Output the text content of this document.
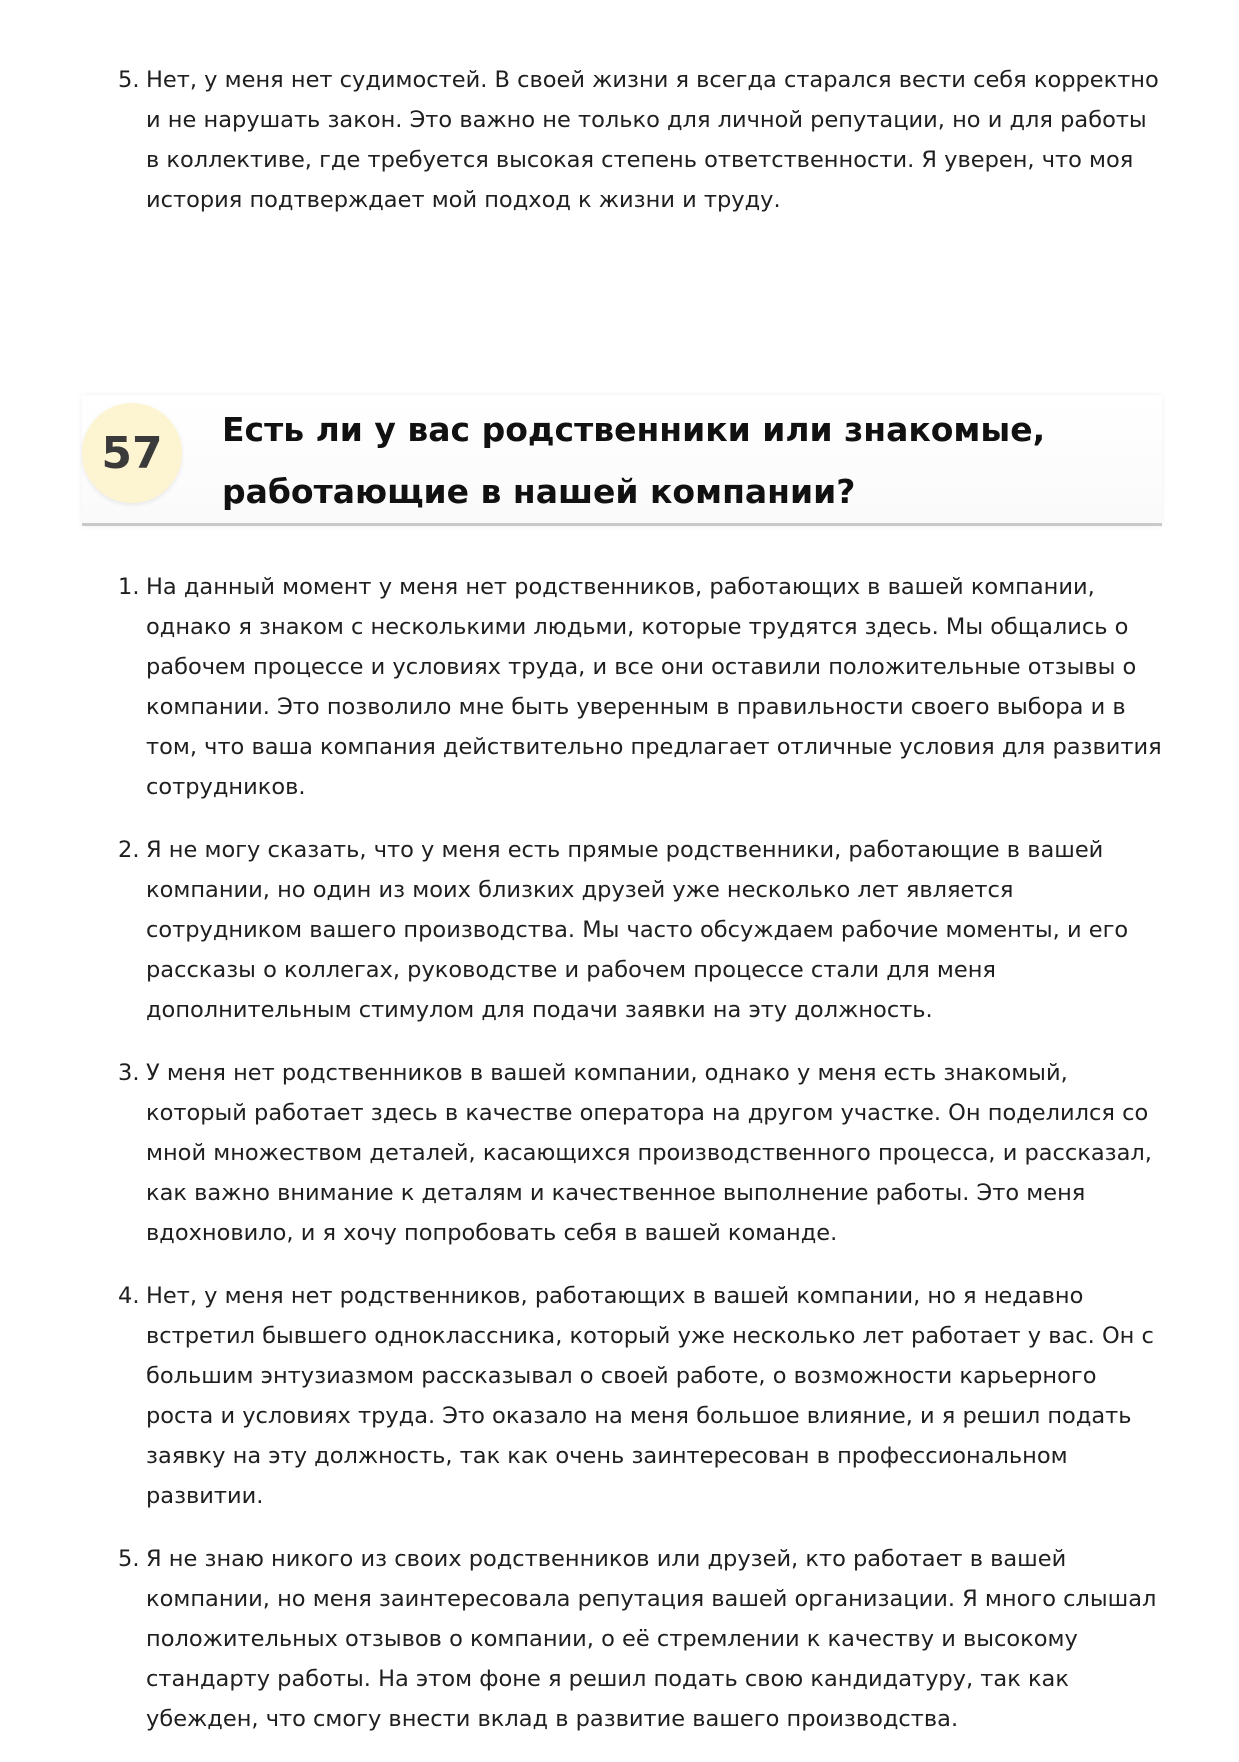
5. Нет, у меня нет судимостей. В своей жизни я всегда старался вести себя корректно и не нарушать закон. Это важно не только для личной репутации, но и для работы в коллективе, где требуется высокая степень ответственности. Я уверен, что моя история подтверждает мой подход к жизни и труду.
57	Есть ли у вас родственники или знакомые, работающие в нашей компании?
1. На данный момент у меня нет родственников, работающих в вашей компании, однако я знаком с несколькими людьми, которые трудятся здесь. Мы общались о рабочем процессе и условиях труда, и все они оставили положительные отзывы о компании. Это позволило мне быть уверенным в правильности своего выбора и в том, что ваша компания действительно предлагает отличные условия для развития сотрудников.
2. Я не могу сказать, что у меня есть прямые родственники, работающие в вашей компании, но один из моих близких друзей уже несколько лет является сотрудником вашего производства. Мы часто обсуждаем рабочие моменты, и его рассказы о коллегах, руководстве и рабочем процессе стали для меня дополнительным стимулом для подачи заявки на эту должность.
3. У меня нет родственников в вашей компании, однако у меня есть знакомый, который работает здесь в качестве оператора на другом участке. Он поделился со мной множеством деталей, касающихся производственного процесса, и рассказал, как важно внимание к деталям и качественное выполнение работы. Это меня вдохновило, и я хочу попробовать себя в вашей команде.
4. Нет, у меня нет родственников, работающих в вашей компании, но я недавно встретил бывшего одноклассника, который уже несколько лет работает у вас. Он с большим энтузиазмом рассказывал о своей работе, о возможности карьерного роста и условиях труда. Это оказало на меня большое влияние, и я решил подать заявку на эту должность, так как очень заинтересован в профессиональном развитии.
5. Я не знаю никого из своих родственников или друзей, кто работает в вашей компании, но меня заинтересовала репутация вашей организации. Я много слышал положительных отзывов о компании, о её стремлении к качеству и высокому стандарту работы. На этом фоне я решил подать свою кандидатуру, так как убежден, что смогу внести вклад в развитие вашего производства.
